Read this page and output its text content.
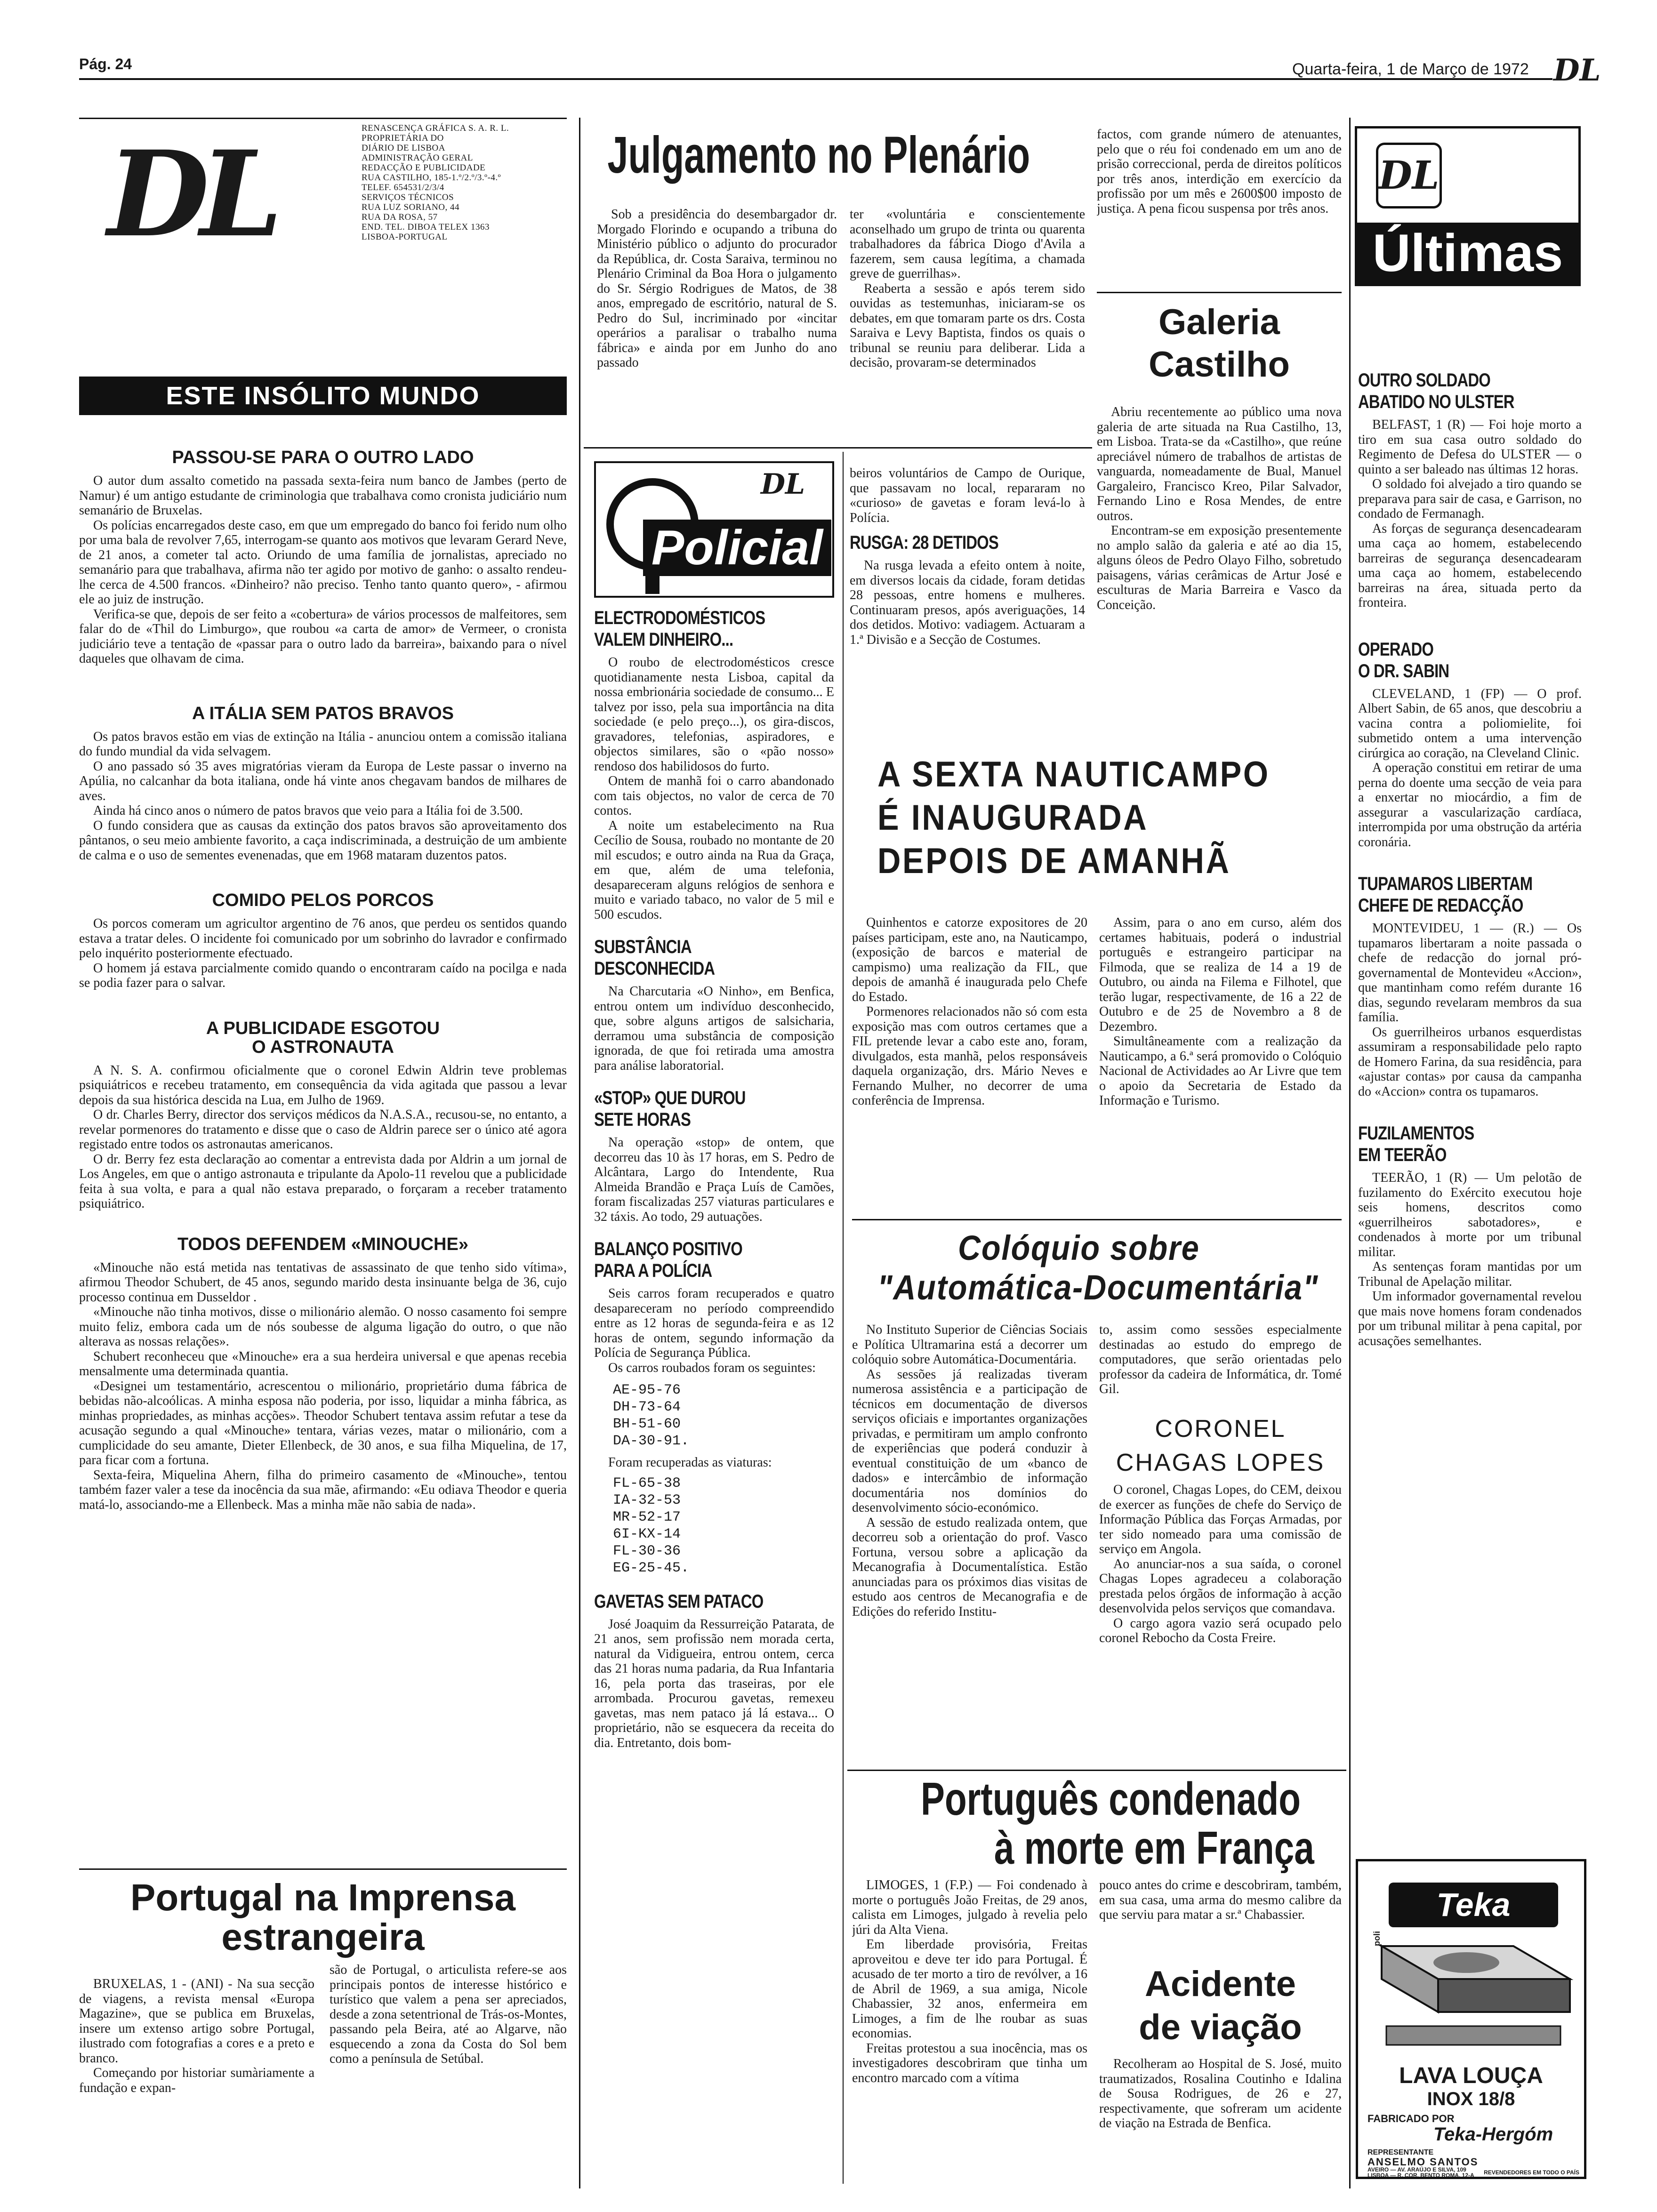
Pág. 24	Quarta-feira, 1 de Março de 1972 DL
DL	RENASCENÇA GRÁFICA S. A. R. L.
PROPRIETÁRIA DO
DIÁRIO DE LISBOA
ADMINISTRAÇÃO GERAL
REDACÇÃO E PUBLICIDADE
RUA CASTILHO, 185-1.º/2.º/3.º-4.º
TELEF. 654531/2/3/4
SERVIÇOS TÉCNICOS
RUA LUZ SORIANO, 44
RUA DA ROSA, 57
END. TEL. DIBOA TELEX 1363
LISBOA-PORTUGAL
ESTE INSÓLITO MUNDO
PASSOU-SE PARA O OUTRO LADO

O autor dum assalto cometido na passada sexta-feira num banco de Jambes (perto de Namur) é um antigo estudante de criminologia que trabalhava como cronista judiciário num semanário de Bruxelas.

Os polícias encarregados deste caso, em que um empregado do banco foi ferido num olho por uma bala de revolver 7,65, interrogam-se quanto aos motivos que levaram Gerard Neve, de 21 anos, a cometer tal acto. Oriundo de uma família de jornalistas, apreciado no semanário para que trabalhava, afirma não ter agido por motivo de ganho: o assalto rendeu-lhe cerca de 4.500 francos. «Dinheiro? não preciso. Tenho tanto quanto quero», - afirmou ele ao juiz de instrução.

Verifica-se que, depois de ser feito a «cobertura» de vários processos de malfeitores, sem falar do de «Thil do Limburgo», que roubou «a carta de amor» de Vermeer, o cronista judiciário teve a tentação de «passar para o outro lado da barreira», baixando para o nível daqueles que olhavam de cima.

A ITÁLIA SEM PATOS BRAVOS

Os patos bravos estão em vias de extinção na Itália - anunciou ontem a comissão italiana do fundo mundial da vida selvagem.

O ano passado só 35 aves migratórias vieram da Europa de Leste passar o inverno na Apúlia, no calcanhar da bota italiana, onde há vinte anos chegavam bandos de milhares de aves.

Ainda há cinco anos o número de patos bravos que veio para a Itália foi de 3.500.

O fundo considera que as causas da extinção dos patos bravos são aproveitamento dos pântanos, o seu meio ambiente favorito, a caça indiscriminada, a destruição de um ambiente de calma e o uso de sementes evenenadas, que em 1968 mataram duzentos patos.

COMIDO PELOS PORCOS

Os porcos comeram um agricultor argentino de 76 anos, que perdeu os sentidos quando estava a tratar deles. O incidente foi comunicado por um sobrinho do lavrador e confirmado pelo inquérito posteriormente efectuado.

O homem já estava parcialmente comido quando o encontraram caído na pocilga e nada se podia fazer para o salvar.

A PUBLICIDADE ESGOTOU
O ASTRONAUTA

A N. S. A. confirmou oficialmente que o coronel Edwin Aldrin teve problemas psiquiátricos e recebeu tratamento, em consequência da vida agitada que passou a levar depois da sua histórica descida na Lua, em Julho de 1969.

O dr. Charles Berry, director dos serviços médicos da N.A.S.A., recusou-se, no entanto, a revelar pormenores do tratamento e disse que o caso de Aldrin parece ser o único até agora registado entre todos os astronautas americanos.

O dr. Berry fez esta declaração ao comentar a entrevista dada por Aldrin a um jornal de Los Angeles, em que o antigo astronauta e tripulante da Apolo-11 revelou que a publicidade feita à sua volta, e para a qual não estava preparado, o forçaram a receber tratamento psiquiátrico.

TODOS DEFENDEM «MINOUCHE»

«Minouche não está metida nas tentativas de assassinato de que tenho sido vítima», afirmou Theodor Schubert, de 45 anos, segundo marido desta insinuante belga de 36, cujo processo continua em Dusseldor .

«Minouche não tinha motivos, disse o milionário alemão. O nosso casamento foi sempre muito feliz, embora cada um de nós soubesse de alguma ligação do outro, o que não alterava as nossas relações».

Schubert reconheceu que «Minouche» era a sua herdeira universal e que apenas recebia mensalmente uma determinada quantia.

«Designei um testamentário, acrescentou o milionário, proprietário duma fábrica de bebidas não-alcoólicas. A minha esposa não poderia, por isso, liquidar a minha fábrica, as minhas propriedades, as minhas acções». Theodor Schubert tentava assim refutar a tese da acusação segundo a qual «Minouche» tentara, várias vezes, matar o milionário, com a cumplicidade do seu amante, Dieter Ellenbeck, de 30 anos, e sua filha Miquelina, de 17, para ficar com a fortuna.

Sexta-feira, Miquelina Ahern, filha do primeiro casamento de «Minouche», tentou também fazer valer a tese da inocência da sua mãe, afirmando: «Eu odiava Theodor e queria matá-lo, associando-me a Ellenbeck. Mas a minha mãe não sabia de nada».

Portugal na Imprensa
estrangeira

BRUXELAS, 1 - (ANI) - Na sua secção de viagens, a revista mensal «Europa Magazine», que se publica em Bruxelas, insere um extenso artigo sobre Portugal, ilustrado com fotografias a cores e a preto e branco.

Começando por historiar sumàriamente a fundação e expan-

são de Portugal, o articulista refere-se aos principais pontos de interesse histórico e turístico que valem a pena ser apreciados, desde a zona setentrional de Trás-os-Montes, passando pela Beira, até ao Algarve, não esquecendo a zona da Costa do Sol bem como a península de Setúbal.

Julgamento no Plenário

Sob a presidência do desembargador dr. Morgado Florindo e ocupando a tribuna do Ministério público o adjunto do procurador da República, dr. Costa Saraiva, terminou no Plenário Criminal da Boa Hora o julgamento do Sr. Sérgio Rodrigues de Matos, de 38 anos, empregado de escritório, natural de S. Pedro do Sul, incriminado por «incitar operários a paralisar o trabalho numa fábrica» e ainda por em Junho do ano passado

ter «voluntária e conscientemente aconselhado um grupo de trinta ou quarenta trabalhadores da fábrica Diogo d'Avila a fazerem, sem causa legítima, a chamada greve de guerrilhas».

Reaberta a sessão e após terem sido ouvidas as testemunhas, iniciaram-se os debates, em que tomaram parte os drs. Costa Saraiva e Levy Baptista, findos os quais o tribunal se reuniu para deliberar. Lida a decisão, provaram-se determinados

factos, com grande número de atenuantes, pelo que o réu foi condenado em um ano de prisão correccional, perda de direitos políticos por três anos, interdição em exercício da profissão por um mês e 2600$00 imposto de justiça. A pena ficou suspensa por três anos.

Galeria
Castilho

Abriu recentemente ao público uma nova galeria de arte situada na Rua Castilho, 13, em Lisboa. Trata-se da «Castilho», que reúne apreciável número de trabalhos de artistas de vanguarda, nomeadamente de Bual, Manuel Gargaleiro, Francisco Kreo, Pilar Salvador, Fernando Lino e Rosa Mendes, de entre outros.

Encontram-se em exposição presentemente no amplo salão da galeria e até ao dia 15, alguns óleos de Pedro Olayo Filho, sobretudo paisagens, várias cerâmicas de Artur José e esculturas de Maria Barreira e Vasco da Conceição.

DL
Últimas
OUTRO SOLDADO
ABATIDO NO ULSTER

BELFAST, 1 (R) — Foi hoje morto a tiro em sua casa outro soldado do Regimento de Defesa do ULSTER — o quinto a ser baleado nas últimas 12 horas.

O soldado foi alvejado a tiro quando se preparava para sair de casa, e Garrison, no condado de Fermanagh.

As forças de segurança desencadearam uma caça ao homem, estabelecendo barreiras de segurança desencadearam uma caça ao homem, estabelecendo barreiras na área, situada perto da fronteira.

OPERADO
O DR. SABIN

CLEVELAND, 1 (FP) — O prof. Albert Sabin, de 65 anos, que descobriu a vacina contra a poliomielite, foi submetido ontem a uma intervenção cirúrgica ao coração, na Cleveland Clinic.

A operação constitui em retirar de uma perna do doente uma secção de veia para a enxertar no miocárdio, a fim de assegurar a vascularização cardíaca, interrompida por uma obstrução da artéria coronária.

TUPAMAROS LIBERTAM
CHEFE DE REDACÇÃO

MONTEVIDEU, 1 — (R.) — Os tupamaros libertaram a noite passada o chefe de redacção do jornal pró-governamental de Montevideu «Accion», que mantinham como refém durante 16 dias, segundo revelaram membros da sua família.

Os guerrilheiros urbanos esquerdistas assumiram a responsabilidade pelo rapto de Homero Farina, da sua residência, para «ajustar contas» por causa da campanha do «Accion» contra os tupamaros.

FUZILAMENTOS
EM TEERÃO

TEERÃO, 1 (R) — Um pelotão de fuzilamento do Exército executou hoje seis homens, descritos como «guerrilheiros sabotadores», e condenados à morte por um tribunal militar.

As sentenças foram mantidas por um Tribunal de Apelação militar.

Um informador governamental revelou que mais nove homens foram condenados por um tribunal militar à pena capital, por acusações semelhantes.

DL
Policial
ELECTRODOMÉSTICOS
VALEM DINHEIRO...

O roubo de electrodomésticos cresce quotidianamente nesta Lisboa, capital da nossa embrionária sociedade de consumo... E talvez por isso, pela sua importância na dita sociedade (e pelo preço...), os gira-discos, gravadores, telefonias, aspiradores, e objectos similares, são o «pão nosso» rendoso dos habilidosos do furto.

Ontem de manhã foi o carro abandonado com tais objectos, no valor de cerca de 70 contos.

A noite um estabelecimento na Rua Cecílio de Sousa, roubado no montante de 20 mil escudos; e outro ainda na Rua da Graça, em que, além de uma telefonia, desapareceram alguns relógios de senhora e muito e variado tabaco, no valor de 5 mil e 500 escudos.

SUBSTÂNCIA
DESCONHECIDA

Na Charcutaria «O Ninho», em Benfica, entrou ontem um indivíduo desconhecido, que, sobre alguns artigos de salsicharia, derramou uma substância de composição ignorada, de que foi retirada uma amostra para análise laboratorial.

«STOP» QUE DUROU
SETE HORAS

Na operação «stop» de ontem, que decorreu das 10 às 17 horas, em S. Pedro de Alcântara, Largo do Intendente, Rua Almeida Brandão e Praça Luís de Camões, foram fiscalizadas 257 viaturas particulares e 32 táxis. Ao todo, 29 autuações.

BALANÇO POSITIVO
PARA A POLÍCIA

Seis carros foram recuperados e quatro desapareceram no período compreendido entre as 12 horas de segunda-feira e as 12 horas de ontem, segundo informação da Polícia de Segurança Pública.

Os carros roubados foram os seguintes:

AE-95-76

DH-73-64

BH-51-60

DA-30-91.

Foram recuperadas as viaturas:

FL-65-38

IA-32-53

MR-52-17

6I-KX-14

FL-30-36

EG-25-45.

GAVETAS SEM PATACO

José Joaquim da Ressurreição Patarata, de 21 anos, sem profissão nem morada certa, natural da Vidigueira, entrou ontem, cerca das 21 horas numa padaria, da Rua Infantaria 16, pela porta das traseiras, por ele arrombada. Procurou gavetas, remexeu gavetas, mas nem pataco já lá estava... O proprietário, não se esquecera da receita do dia. Entretanto, dois bom-

beiros voluntários de Campo de Ourique, que passavam no local, repararam no «curioso» de gavetas e foram levá-lo à Polícia.

RUSGA: 28 DETIDOS

Na rusga levada a efeito ontem à noite, em diversos locais da cidade, foram detidas 28 pessoas, entre homens e mulheres. Continuaram presos, após averiguações, 14 dos detidos. Motivo: vadiagem. Actuaram a 1.ª Divisão e a Secção de Costumes.

A SEXTA NAUTICAMPO
É INAUGURADA
DEPOIS DE AMANHÃ

Quinhentos e catorze expositores de 20 países participam, este ano, na Nauticampo, (exposição de barcos e material de campismo) uma realização da FIL, que depois de amanhã é inaugurada pelo Chefe do Estado.

Pormenores relacionados não só com esta exposição mas com outros certames que a FIL pretende levar a cabo este ano, foram, divulgados, esta manhã, pelos responsáveis daquela organização, drs. Mário Neves e Fernando Mulher, no decorrer de uma conferência de Imprensa.

Assim, para o ano em curso, além dos certames habituais, poderá o industrial português e estrangeiro participar na Filmoda, que se realiza de 14 a 19 de Outubro, ou ainda na Filema e Filhotel, que terão lugar, respectivamente, de 16 a 22 de Outubro e de 25 de Novembro a 8 de Dezembro.

Simultâneamente com a realização da Nauticampo, a 6.ª será promovido o Colóquio Nacional de Actividades ao Ar Livre que tem o apoio da Secretaria de Estado da Informação e Turismo.

Colóquio sobre
"Automática-Documentária"

No Instituto Superior de Ciências Sociais e Política Ultramarina está a decorrer um colóquio sobre Automática-Documentária.

As sessões já realizadas tiveram numerosa assistência e a participação de técnicos em documentação de diversos serviços oficiais e importantes organizações privadas, e permitiram um amplo confronto de experiências que poderá conduzir à eventual constituição de um «banco de dados» e intercâmbio de informação documentária nos domínios do desenvolvimento sócio-económico.

A sessão de estudo realizada ontem, que decorreu sob a orientação do prof. Vasco Fortuna, versou sobre a aplicação da Mecanografia à Documentalística. Estão anunciadas para os próximos dias visitas de estudo aos centros de Mecanografia e de Edições do referido Institu-

to, assim como sessões especialmente destinadas ao estudo do emprego de computadores, que serão orientadas pelo professor da cadeira de Informática, dr. Tomé Gil.

CORONEL
CHAGAS LOPES

O coronel, Chagas Lopes, do CEM, deixou de exercer as funções de chefe do Serviço de Informação Pública das Forças Armadas, por ter sido nomeado para uma comissão de serviço em Angola.

Ao anunciar-nos a sua saída, o coronel Chagas Lopes agradeceu a colaboração prestada pelos órgãos de informação à acção desenvolvida pelos serviços que comandava.

O cargo agora vazio será ocupado pelo coronel Rebocho da Costa Freire.

Português condenado
à morte em França

LIMOGES, 1 (F.P.) — Foi condenado à morte o português João Freitas, de 29 anos, calista em Limoges, julgado à revelia pelo júri da Alta Viena.

Em liberdade provisória, Freitas aproveitou e deve ter ido para Portugal. É acusado de ter morto a tiro de revólver, a 16 de Abril de 1969, a sua amiga, Nicole Chabassier, 32 anos, enfermeira em Limoges, a fim de lhe roubar as suas economias.

Freitas protestou a sua inocência, mas os investigadores descobriram que tinha um encontro marcado com a vítima

pouco antes do crime e descobriram, também, em sua casa, uma arma do mesmo calibre da que serviu para matar a sr.ª Chabassier.

Acidente
de viação

Recolheram ao Hospital de S. José, muito traumatizados, Rosalina Coutinho e Idalina de Sousa Rodrigues, de 26 e 27, respectivamente, que sofreram um acidente de viação na Estrada de Benfica.

Teka
poli
LAVA LOUÇA
INOX 18/8
FABRICADO POR
Teka-Hergóm
REPRESENTANTE
ANSELMO SANTOS
AVEIRO — AV. ARAÚJO E SILVA, 109
LISBOA — R. COR. BENTO ROMA, 12-A	REVENDEDORES EM TODO O PAÍS
